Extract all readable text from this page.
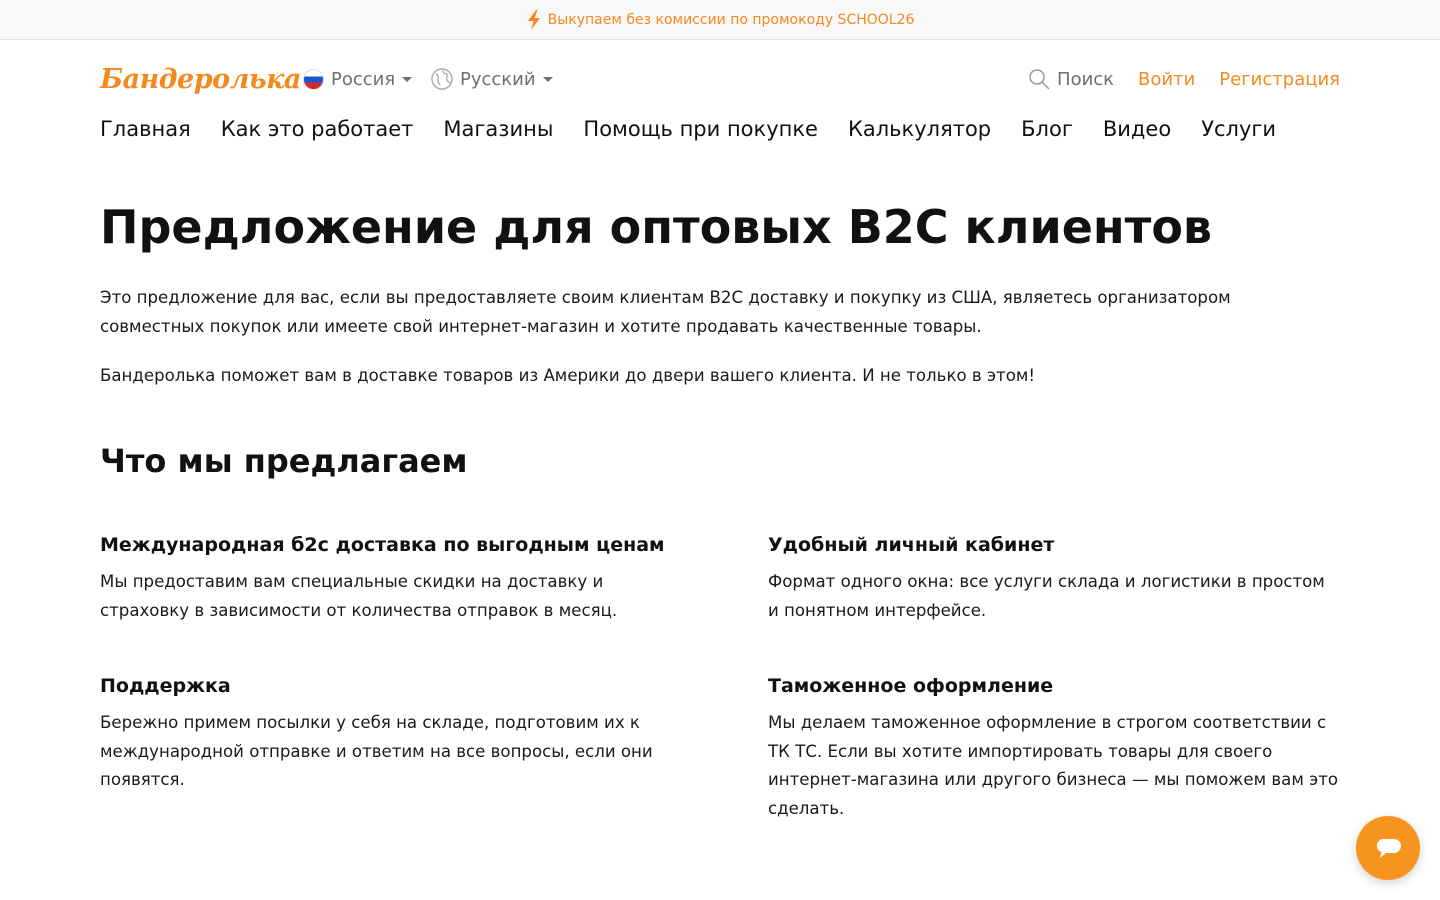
Выкупаем без комиссии по промокоду SCHOOL26
Бандеролька Россия	Русский	Поиск Войти Регистрация
Главная Как это работает Магазины Помощь при покупке Калькулятор Блог Видео Услуги
Предложение для оптовых B2C клиентов

Это предложение для вас, если вы предоставляете своим клиентам B2C доставку и покупку из США, являетесь организатором совместных покупок или имеете свой интернет-магазин и хотите продавать качественные товары.

Бандеролька поможет вам в доставке товаров из Америки до двери вашего клиента. И не только в этом!

Что мы предлагаем
Международная б2с доставка по выгодным ценам

Мы предоставим вам специальные скидки на доставку и страховку в зависимости от количества отправок в месяц.

Удобный личный кабинет

Формат одного окна: все услуги склада и логистики в простом и понятном интерфейсе.

Поддержка

Бережно примем посылки у себя на складе, подготовим их к международной отправке и ответим на все вопросы, если они появятся.

Таможенное оформление

Мы делаем таможенное оформление в строгом соответствии с ТК ТС. Если вы хотите импортировать товары для своего интернет-магазина или другого бизнеса — мы поможем вам это сделать.
